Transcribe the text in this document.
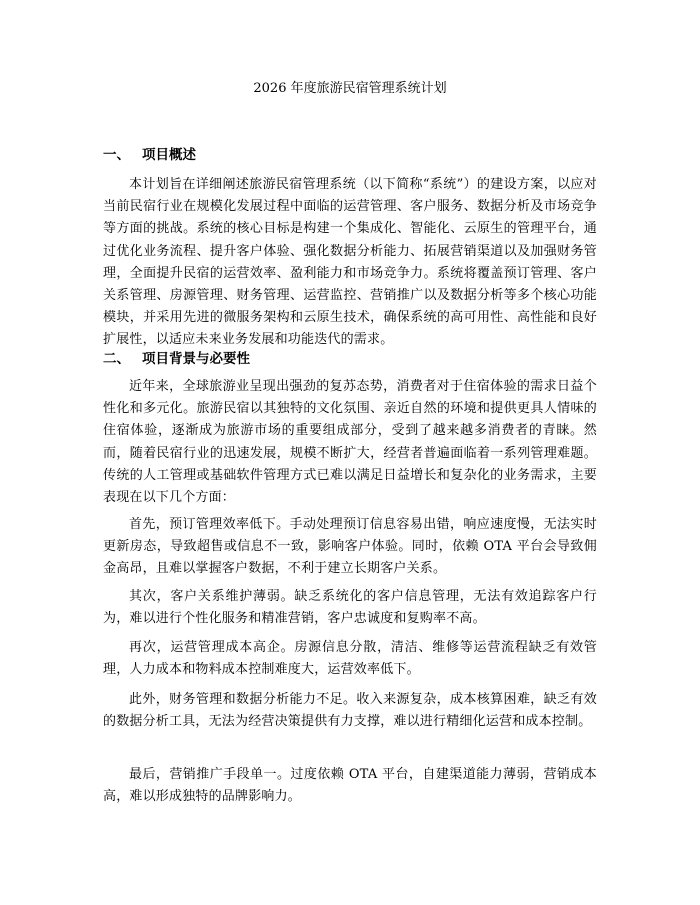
2026 年度旅游民宿管理系统计划
一、 项目概述

本计划旨在详细阐述旅游民宿管理系统（以下简称“系统”）的建设方案，以应对当前民宿行业在规模化发展过程中面临的运营管理、客户服务、数据分析及市场竞争等方面的挑战。系统的核心目标是构建一个集成化、智能化、云原生的管理平台，通过优化业务流程、提升客户体验、强化数据分析能力、拓展营销渠道以及加强财务管理，全面提升民宿的运营效率、盈利能力和市场竞争力。系统将覆盖预订管理、客户关系管理、房源管理、财务管理、运营监控、营销推广以及数据分析等多个核心功能模块，并采用先进的微服务架构和云原生技术，确保系统的高可用性、高性能和良好扩展性，以适应未来业务发展和功能迭代的需求。

二、 项目背景与必要性

近年来，全球旅游业呈现出强劲的复苏态势，消费者对于住宿体验的需求日益个性化和多元化。旅游民宿以其独特的文化氛围、亲近自然的环境和提供更具人情味的住宿体验，逐渐成为旅游市场的重要组成部分，受到了越来越多消费者的青睐。然而，随着民宿行业的迅速发展，规模不断扩大，经营者普遍面临着一系列管理难题。传统的人工管理或基础软件管理方式已难以满足日益增长和复杂化的业务需求，主要表现在以下几个方面：

首先，预订管理效率低下。手动处理预订信息容易出错，响应速度慢，无法实时更新房态，导致超售或信息不一致，影响客户体验。同时，依赖 OTA 平台会导致佣金高昂，且难以掌握客户数据，不利于建立长期客户关系。

其次，客户关系维护薄弱。缺乏系统化的客户信息管理，无法有效追踪客户行为，难以进行个性化服务和精准营销，客户忠诚度和复购率不高。

再次，运营管理成本高企。房源信息分散，清洁、维修等运营流程缺乏有效管理，人力成本和物料成本控制难度大，运营效率低下。

此外，财务管理和数据分析能力不足。收入来源复杂，成本核算困难，缺乏有效的数据分析工具，无法为经营决策提供有力支撑，难以进行精细化运营和成本控制。

最后，营销推广手段单一。过度依赖 OTA 平台，自建渠道能力薄弱，营销成本高，难以形成独特的品牌影响力。
